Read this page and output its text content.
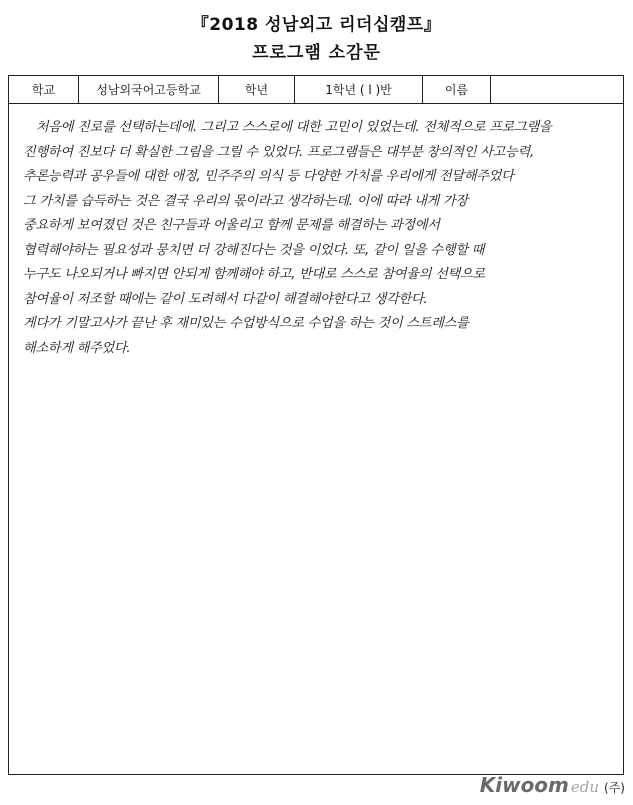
『2018 성남외고 리더십캠프』
프로그램 소감문
학교	성남외국어고등학교	학년	1학년 ( l )반	이름
　처음에 진로를 선택하는데에. 그리고 스스로에 대한 고민이 있었는데. 전체적으로 프로그램을
진행하여 진보다 더 확실한 그림을 그릴 수 있었다. 프로그램들은 대부분 창의적인 사고능력,
추론능력과 공우들에 대한 애정, 민주주의 의식 등 다양한 가치를 우리에게 전달해주었다
그 가치를 습득하는 것은 결국 우리의 몫이라고 생각하는데. 이에 따라 내게 가장
중요하게 보여졌던 것은 친구들과 어울리고 함께 문제를 해결하는 과정에서
협력해야하는 필요성과 뭉치면 더 강해진다는 것을 이었다. 또, 같이 일을 수행할 때
누구도 나오되거나 빠지면 안되게 함께해야 하고, 반대로 스스로 참여율의 선택으로
참여율이 저조할 때에는 같이 도려해서 다같이 해결해야한다고 생각한다.
게다가 기말고사가 끝난 후 재미있는 수업방식으로 수업을 하는 것이 스트레스를
해소하게 해주었다.
Kiwoom edu (주)
